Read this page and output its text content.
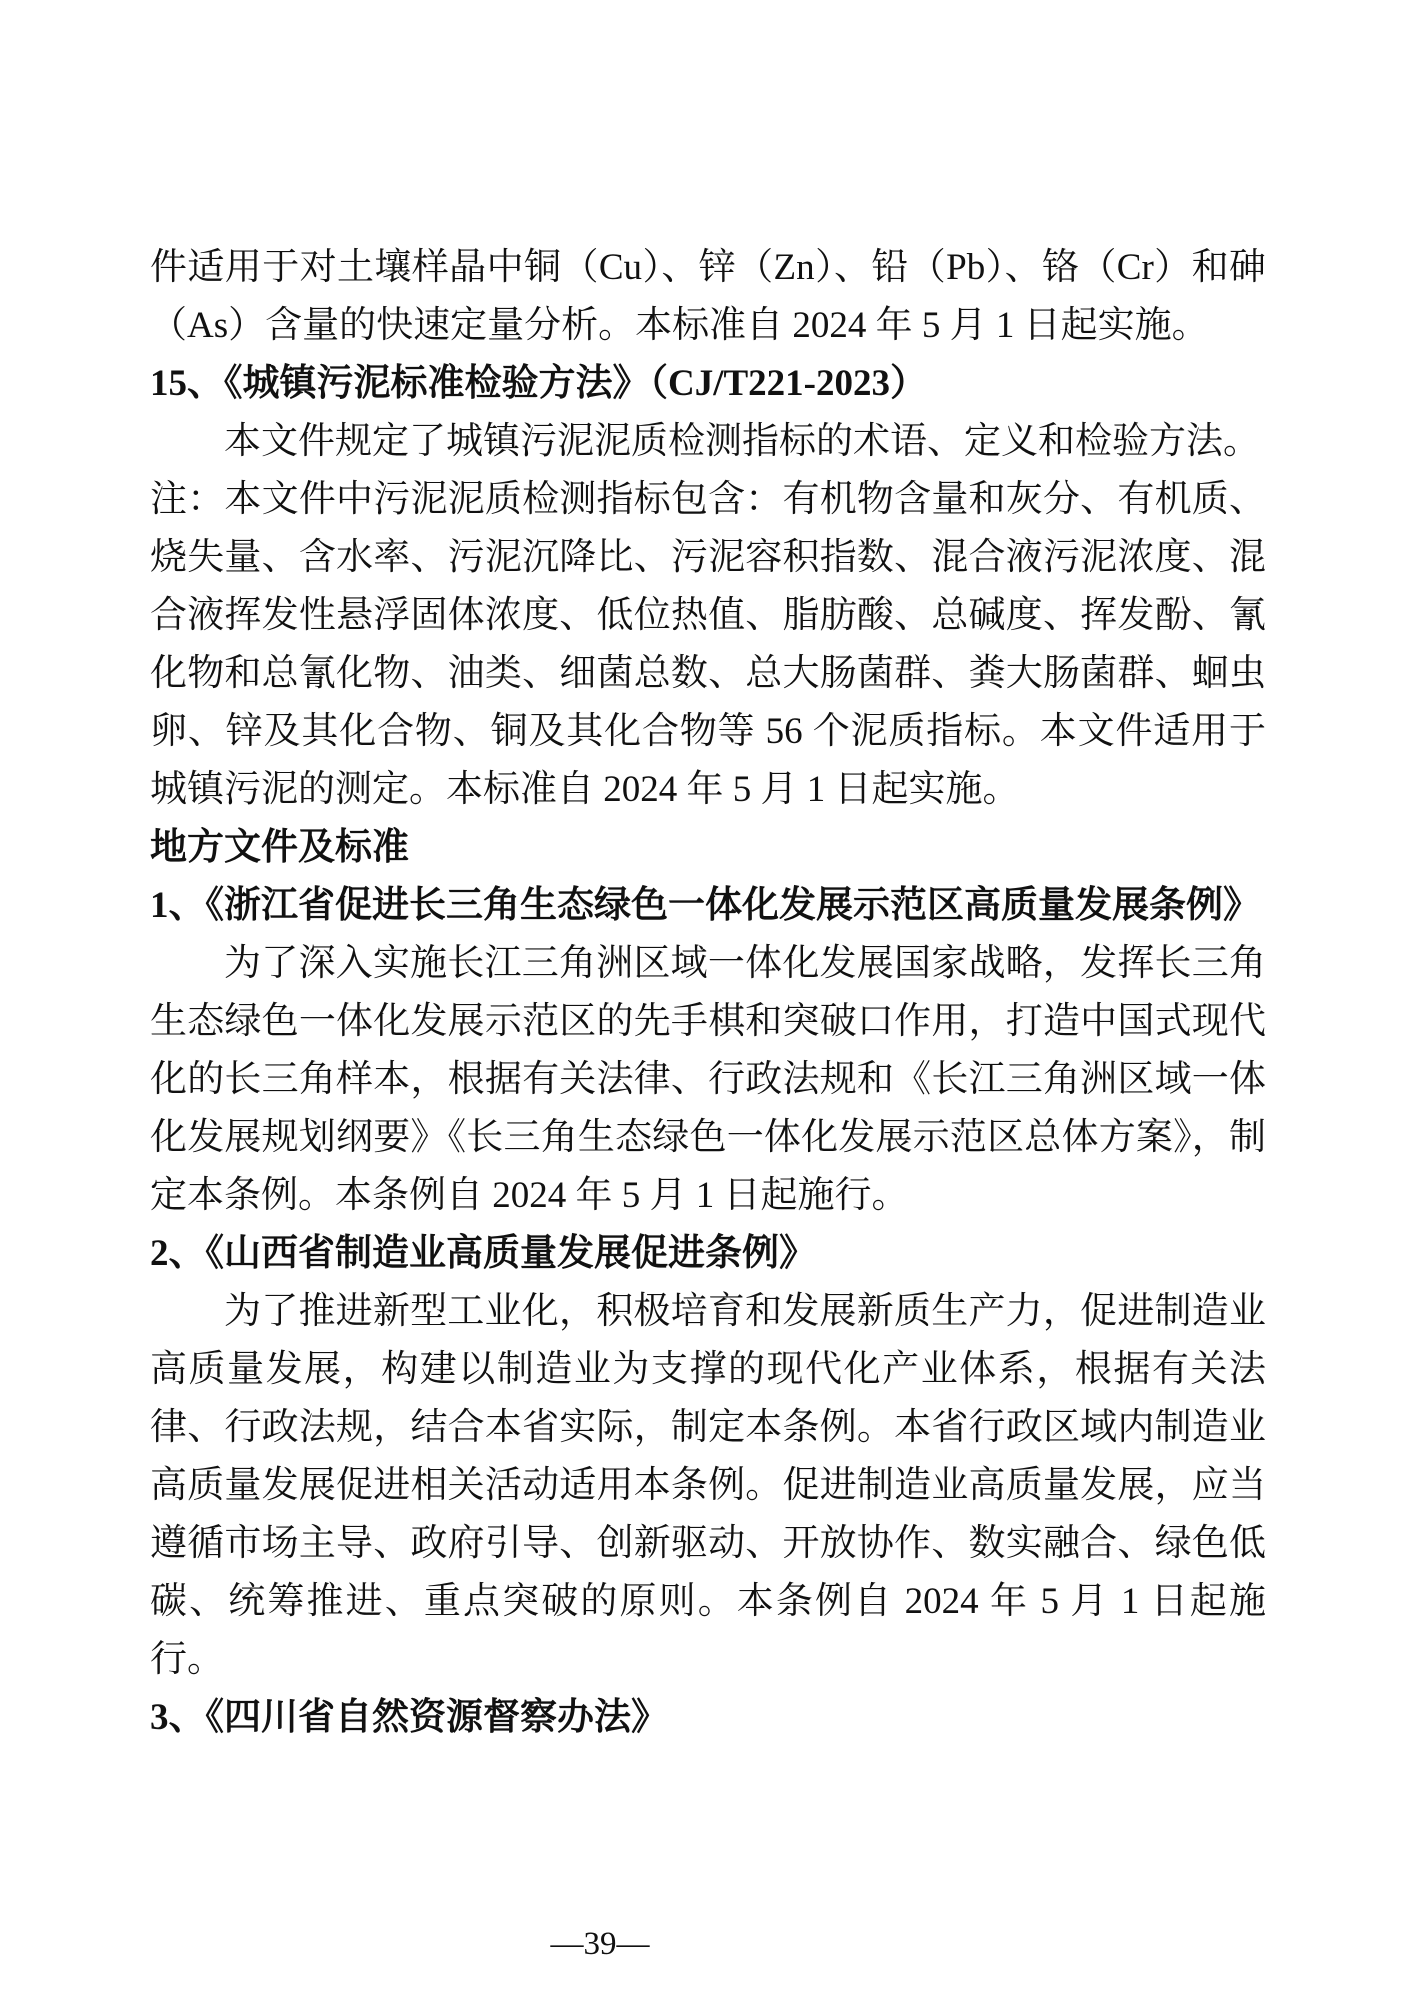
件适用于对土壤样晶中铜（Cu）、锌（Zn）、铅（Pb）、铬（Cr）和砷（As）含量的快速定量分析。本标准自 2024 年 5 月 1 日起实施。

15、《城镇污泥标准检验方法》（CJ/T221-2023）

本文件规定了城镇污泥泥质检测指标的术语、定义和检验方法。

注：本文件中污泥泥质检测指标包含：有机物含量和灰分、有机质、烧失量、含水率、污泥沉降比、污泥容积指数、混合液污泥浓度、混合液挥发性悬浮固体浓度、低位热值、脂肪酸、总碱度、挥发酚、氰化物和总氰化物、油类、细菌总数、总大肠菌群、粪大肠菌群、蛔虫卵、锌及其化合物、铜及其化合物等 56 个泥质指标。本文件适用于城镇污泥的测定。本标准自 2024 年 5 月 1 日起实施。

地方文件及标准
1、《浙江省促进长三角生态绿色一体化发展示范区高质量发展条例》

为了深入实施长江三角洲区域一体化发展国家战略，发挥长三角生态绿色一体化发展示范区的先手棋和突破口作用，打造中国式现代化的长三角样本，根据有关法律、行政法规和《长江三角洲区域一体化发展规划纲要》《长三角生态绿色一体化发展示范区总体方案》，制定本条例。本条例自 2024 年 5 月 1 日起施行。

2、《山西省制造业高质量发展促进条例》

为了推进新型工业化，积极培育和发展新质生产力，促进制造业高质量发展，构建以制造业为支撑的现代化产业体系，根据有关法律、行政法规，结合本省实际，制定本条例。本省行政区域内制造业高质量发展促进相关活动适用本条例。促进制造业高质量发展，应当遵循市场主导、政府引导、创新驱动、开放协作、数实融合、绿色低碳、统筹推进、重点突破的原则。本条例自 2024 年 5 月 1 日起施行。

3、《四川省自然资源督察办法》
—39—
